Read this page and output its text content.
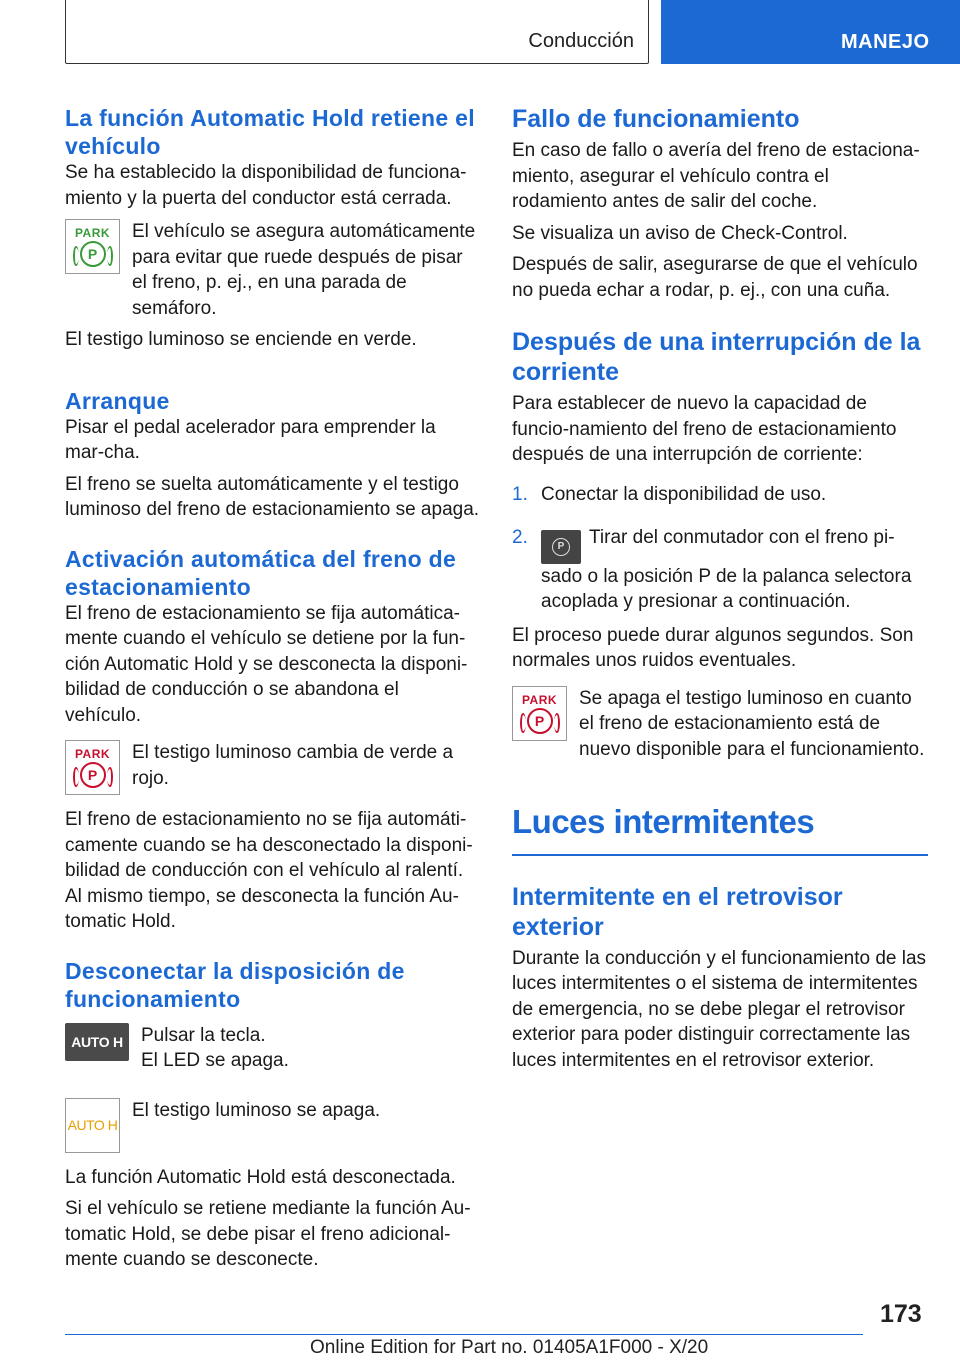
Conducción	MANEJO
La función Automatic Hold retiene el vehículo

Se ha establecido la disponibilidad de funciona-miento y la puerta del conductor está cerrada.

PARK
P

El vehículo se asegura automáticamente para evitar que ruede después de pisar el freno, p. ej., en una parada de semáforo.

El testigo luminoso se enciende en verde.

Arranque

Pisar el pedal acelerador para emprender la mar-cha.

El freno se suelta automáticamente y el testigo luminoso del freno de estacionamiento se apaga.

Activación automática del freno de estacionamiento

El freno de estacionamiento se fija automática-mente cuando el vehículo se detiene por la fun-ción Automatic Hold y se desconecta la disponi-bilidad de conducción o se abandona el vehículo.

PARK
P

El testigo luminoso cambia de verde a rojo.

El freno de estacionamiento no se fija automáti-camente cuando se ha desconectado la disponi-bilidad de conducción con el vehículo al ralentí. Al mismo tiempo, se desconecta la función Au-tomatic Hold.

Desconectar la disposición de funcionamiento
AUTO H Pulsar la tecla.

El LED se apaga.

AUTO H

El testigo luminoso se apaga.

La función Automatic Hold está desconectada.

Si el vehículo se retiene mediante la función Au-tomatic Hold, se debe pisar el freno adicional-mente cuando se desconecte.

Fallo de funcionamiento

En caso de fallo o avería del freno de estaciona-miento, asegurar el vehículo contra el rodamiento antes de salir del coche.

Se visualiza un aviso de Check-Control.

Después de salir, asegurarse de que el vehículo no pueda echar a rodar, p. ej., con una cuña.

Después de una interrupción de la corriente

Para establecer de nuevo la capacidad de funcio-namiento del freno de estacionamiento después de una interrupción de corriente:

1. Conectar la disponibilidad de uso.

2.	P Tirar del conmutador con el freno pi-sado o la posición P de la palanca selectora acoplada y presionar a continuación.

El proceso puede durar algunos segundos. Son normales unos ruidos eventuales.

PARK
P

Se apaga el testigo luminoso en cuanto el freno de estacionamiento está de nuevo disponible para el funcionamiento.

Luces intermitentes
Intermitente en el retrovisor exterior

Durante la conducción y el funcionamiento de las luces intermitentes o el sistema de intermitentes de emergencia, no se debe plegar el retrovisor exterior para poder distinguir correctamente las luces intermitentes en el retrovisor exterior.

173
Online Edition for Part no. 01405A1F000 - X/20
